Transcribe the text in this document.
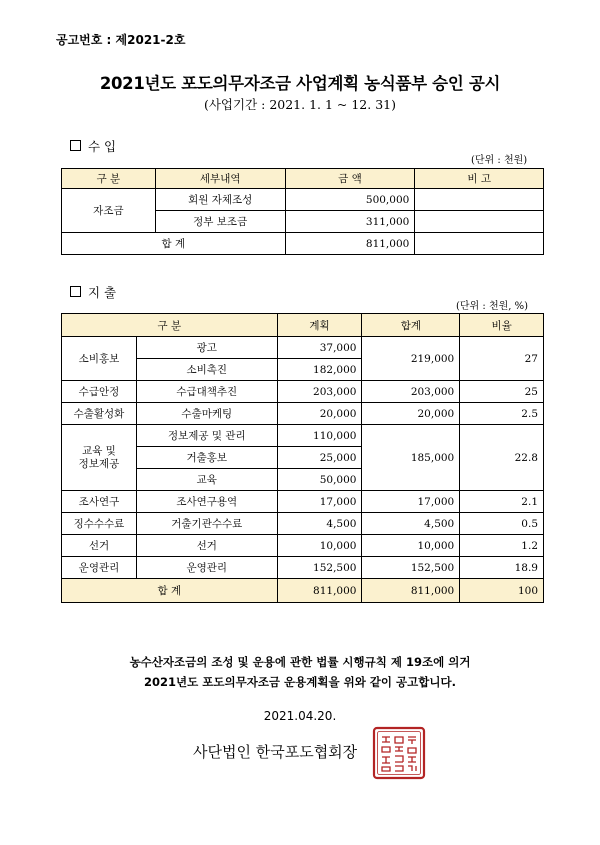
공고번호 : 제2021-2호
2021년도 포도의무자조금 사업계획 농식품부 승인 공시
(사업기간 : 2021. 1. 1 ~ 12. 31)
수 입
(단위 : 천원)
구 분	세부내역	금 액	비 고
자조금	회원 자체조성	500,000	
	정부 보조금	311,000	
합 계		811,000	
지 출
(단위 : 천원, %)
구 분		계획	합계	비율
소비홍보	광고	37,000	219,000	27
	소비촉진	182,000		
수급안정	수급대책추진	203,000	203,000	25
수출활성화	수출마케팅	20,000	20,000	2.5

교육 및
정보제공	정보제공 및 관리	110,000	185,000	22.8
	거출홍보	25,000		
	교육	50,000		
조사연구	조사연구용역	17,000	17,000	2.1
징수수수료	거출기관수수료	4,500	4,500	0.5
선거	선거	10,000	10,000	1.2
운영관리	운영관리	152,500	152,500	18.9
합 계		811,000	811,000	100
농수산자조금의 조성 및 운용에 관한 법률 시행규칙 제 19조에 의거
2021년도 포도의무자조금 운용계획을 위와 같이 공고합니다.
2021.04.20.
사단법인 한국포도협회장
